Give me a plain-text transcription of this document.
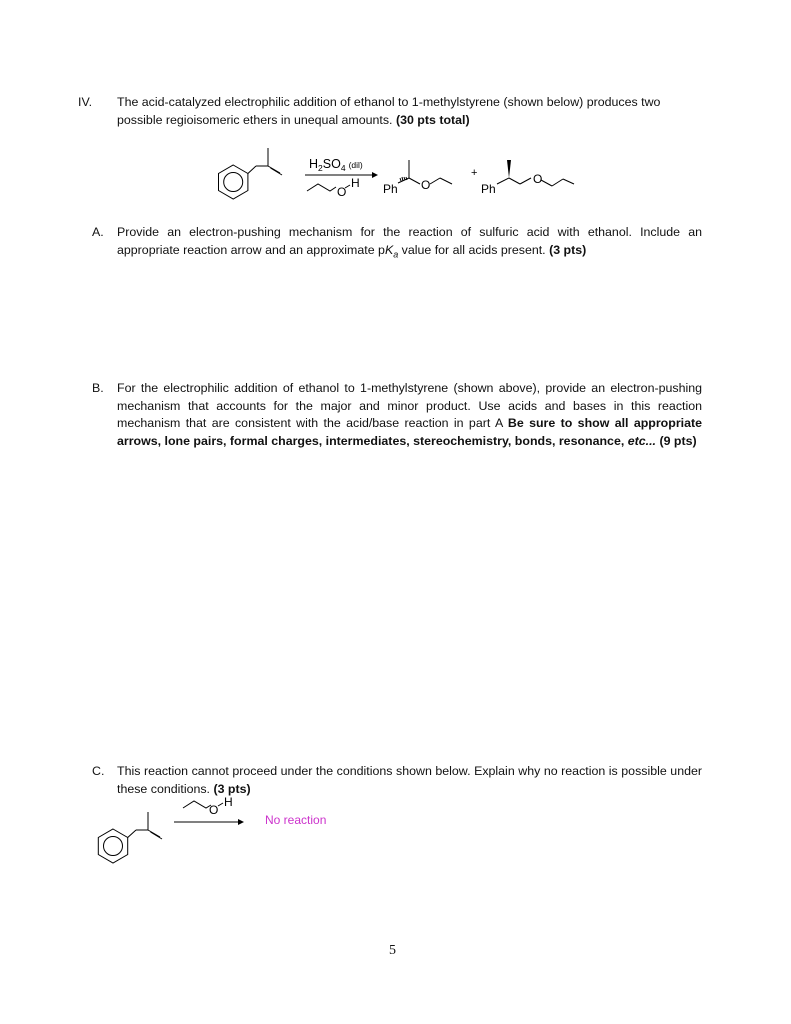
IV. The acid-catalyzed electrophilic addition of ethanol to 1-methylstyrene (shown below) produces two possible regioisomeric ethers in unequal amounts. (30 pts total)
$H_2SO_4$ $^{(dil)}$
O
H Ph O
+
Ph
O
A. Provide an electron-pushing mechanism for the reaction of sulfuric acid with ethanol. Include an appropriate reaction arrow and an approximate $pK_a$ value for all acids present. (3 pts)
B. For the electrophilic addition of ethanol to 1-methylstyrene (shown above), provide an electron-pushing mechanism that accounts for the major and minor product. Use acids and bases in this reaction mechanism that are consistent with the acid/base reaction in part A Be sure to show all appropriate arrows, lone pairs, formal charges, intermediates, stereochemistry, bonds, resonance, etc... (9 pts)
C. This reaction cannot proceed under the conditions shown below. Explain why no reaction is possible under these conditions. (3 pts)
O
H
No reaction
5
